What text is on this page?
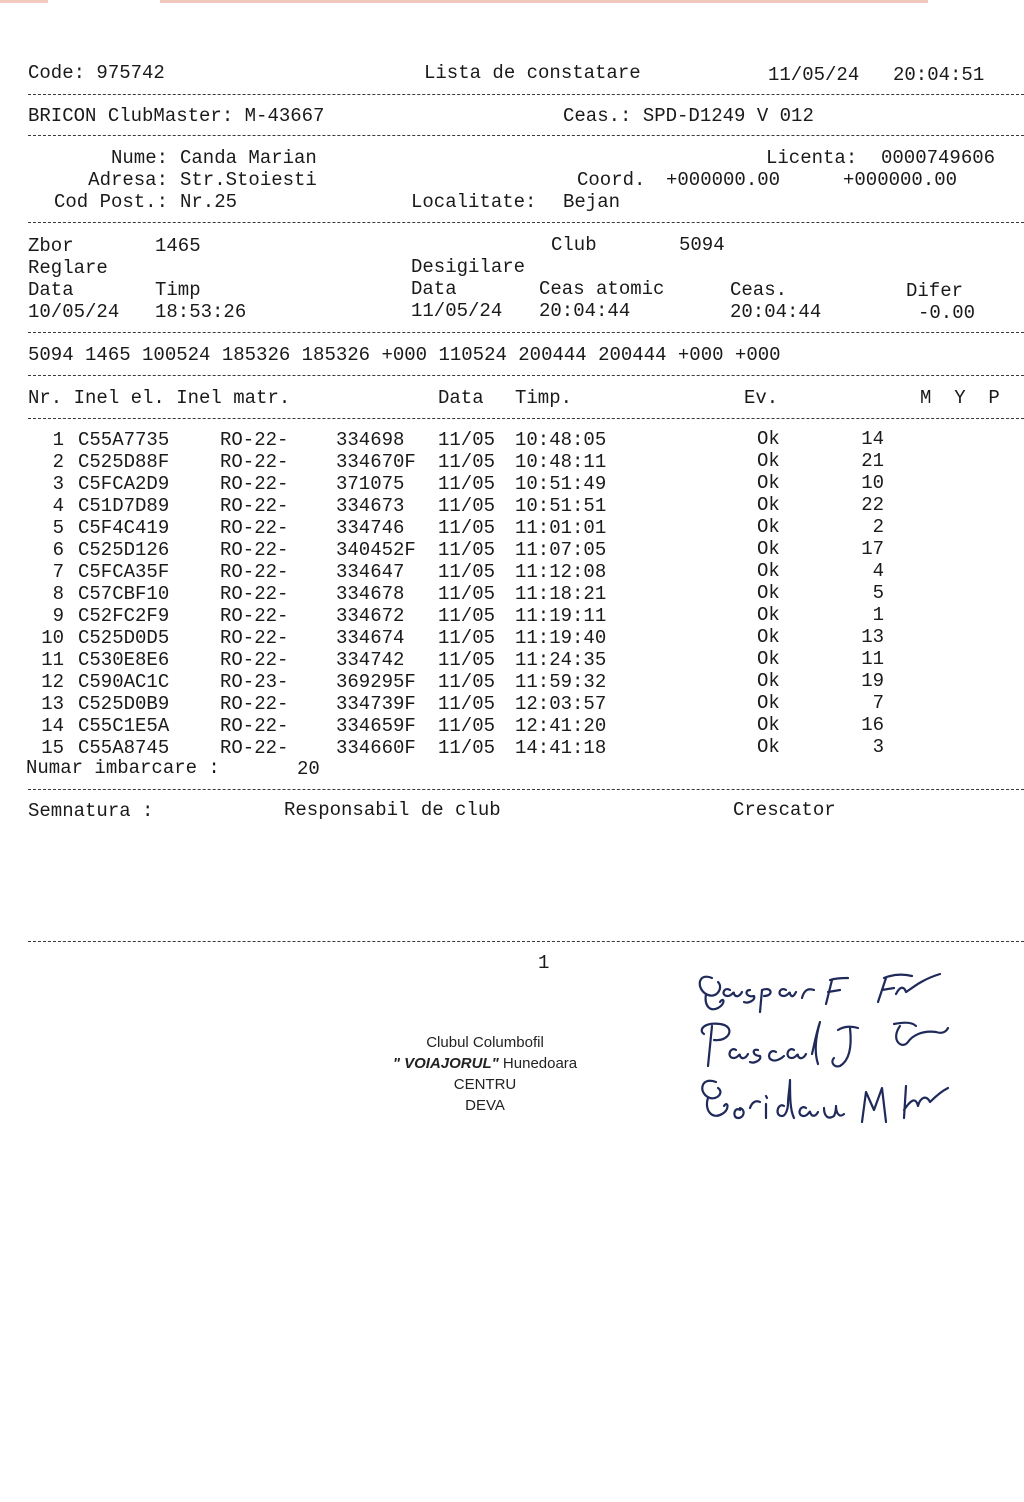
Code: 975742	Lista de constatare	11/05/24 20:04:51
BRICON ClubMaster: M-43667	Ceas.: SPD-D1249 V 012
Nume: Canda Marian	Licenta: 0000749606
Adresa: Str.Stoiesti	Coord. +000000.00	+000000.00
Cod Post.: Nr.25	Localitate: Bejan
Zbor	1465	Club	5094
Reglare	Desigilare
Data	Timp	Data	Ceas atomic	Ceas.	Difer
10/05/24 18:53:26	11/05/24 20:04:44	20:04:44	-0.00
5094 1465 100524 185326 185326 +000 110524 200444 200444 +000 +000
Nr. Inel el. Inel matr.	Data Timp.	Ev.	M  Y  P
1 C55A7735	RO-22-	334698 11/05 10:48:05	Ok	14
2 C525D88F	RO-22-	334670F 11/05 10:48:11	Ok	21
3 C5FCA2D9	RO-22-	371075 11/05 10:51:49	Ok	10
4 C51D7D89	RO-22-	334673 11/05 10:51:51	Ok	22
5 C5F4C419	RO-22-	334746 11/05 11:01:01	Ok	2
6 C525D126	RO-22-	340452F 11/05 11:07:05	Ok	17
7 C5FCA35F	RO-22-	334647 11/05 11:12:08	Ok	4
8 C57CBF10	RO-22-	334678 11/05 11:18:21	Ok	5
9 C52FC2F9	RO-22-	334672 11/05 11:19:11	Ok	1
10 C525D0D5	RO-22-	334674 11/05 11:19:40	Ok	13
11 C530E8E6	RO-22-	334742 11/05 11:24:35	Ok	11
12 C590AC1C	RO-23-	369295F 11/05 11:59:32	Ok	19
13 C525D0B9	RO-22-	334739F 11/05 12:03:57	Ok	7
14 C55C1E5A	RO-22-	334659F 11/05 12:41:20	Ok	16
15 C55A8745	RO-22-	334660F 11/05 14:41:18	Ok	3
Numar imbarcare :	20
Semnatura :	Responsabil de club	Crescator
1
Clubul Columbofil
" VOIAJORUL" Hunedoara
CENTRU
DEVA
